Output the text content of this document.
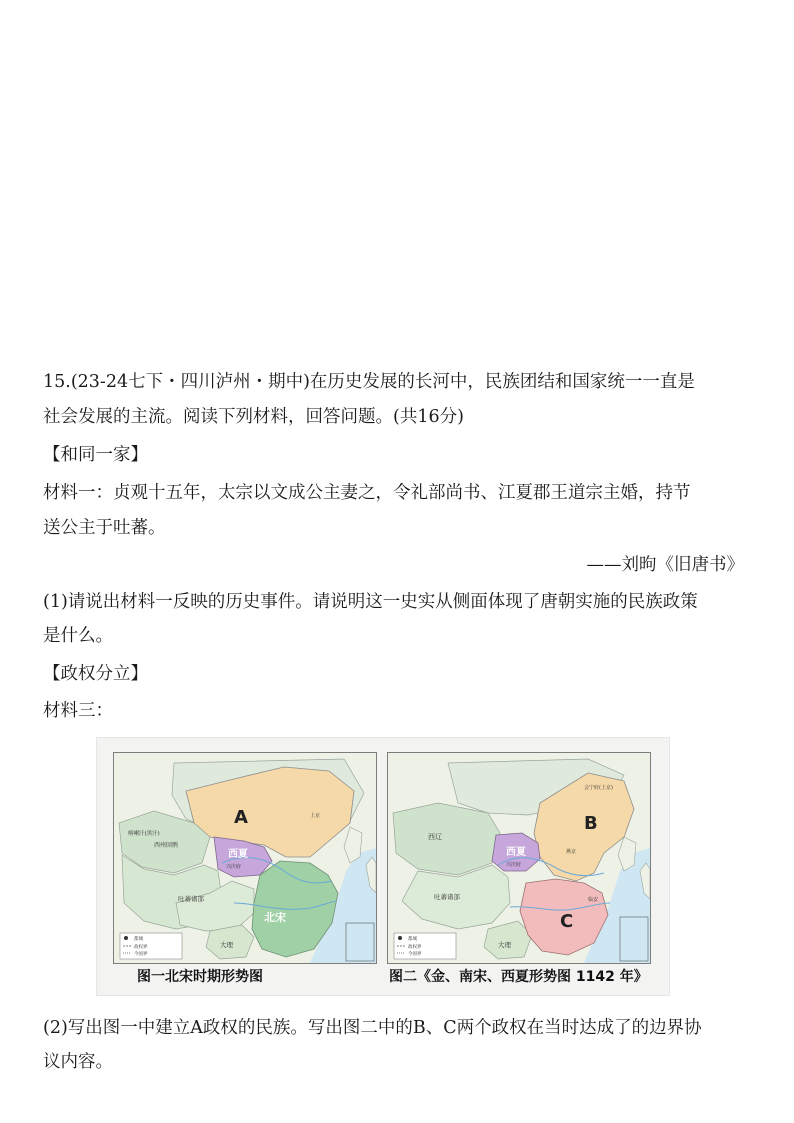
15.(23-24七下・四川泸州・期中)在历史发展的长河中，民族团结和国家统一一直是
社会发展的主流。阅读下列材料，回答问题。(共16分)
【和同一家】
材料一：贞观十五年，太宗以文成公主妻之，令礼部尚书、江夏郡王道宗主婚，持节
送公主于吐蕃。
——刘昫《旧唐书》
(1)请说出材料一反映的历史事件。请说明这一史实从侧面体现了唐朝实施的民族政策
是什么。
【政权分立】
材料三：
A
北宋
西夏
兴庆府
喀喇汗(黑汗)
西州回鹘
吐蕃诸部
大理
上京
都城
政权界
今国界
B
C
西夏
兴庆府
西辽
吐蕃诸部
大理
会宁府(上京)
临安
燕京
都城
政权界
今国界
图一北宋时期形势图	图二《金、南宋、西夏形势图 1142 年》
(2)写出图一中建立A政权的民族。写出图二中的B、C两个政权在当时达成了的边界协
议内容。
